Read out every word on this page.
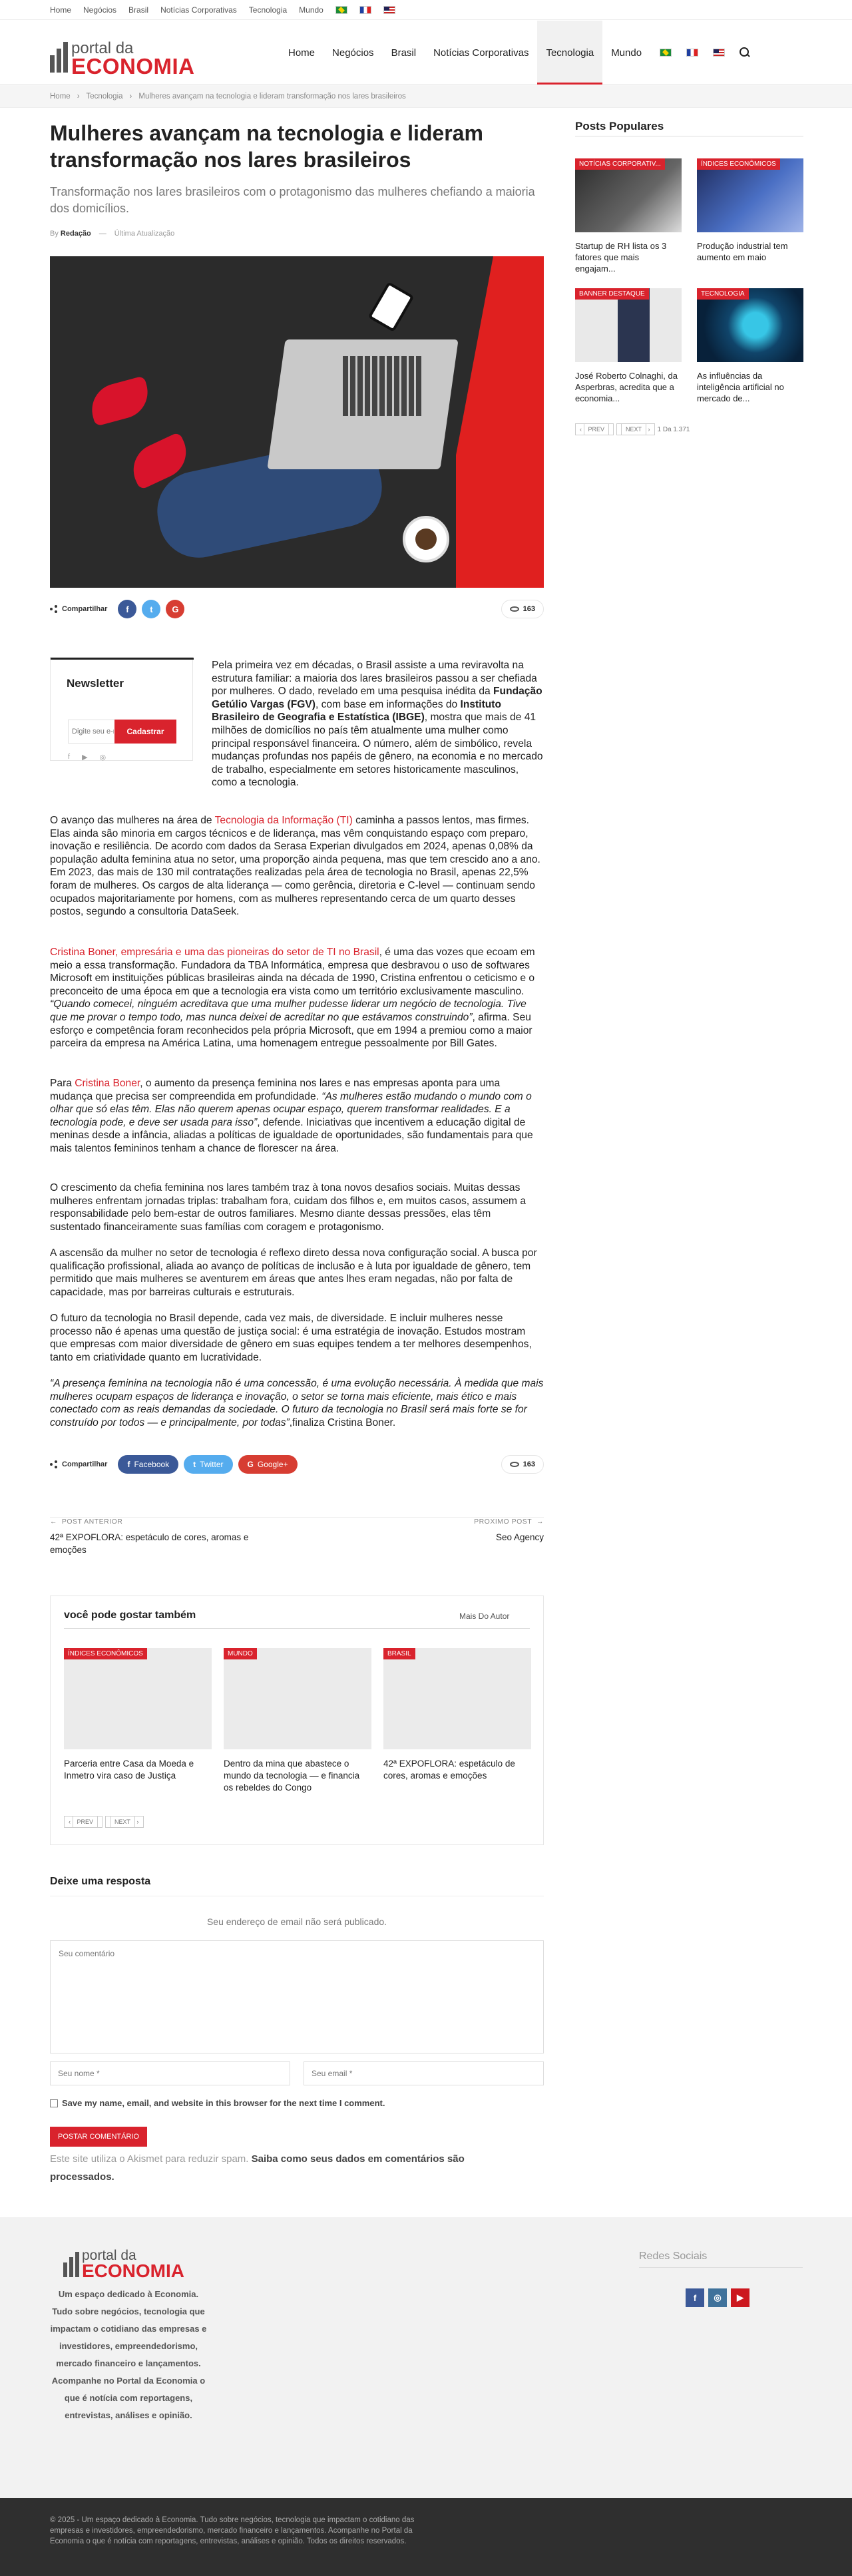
Home Negócios Brasil Notícias Corporativas Tecnologia Mundo
portal da
ECONOMIA
Home	Negócios	Brasil	Notícias Corporativas	Tecnologia	Mundo
Home › Tecnologia › Mulheres avançam na tecnologia e lideram transformação nos lares brasileiros
Mulheres avançam na tecnologia e lideram transformação nos lares brasileiros
Transformação nos lares brasileiros com o protagonismo das mulheres chefiando a maioria dos domicílios.
By Redação — Última Atualização
Compartilhar	f	t	G	163
Newsletter
Digite seu e-mail
Cadastrar
f ▶ ◎
Pela primeira vez em décadas, o Brasil assiste a uma reviravolta na estrutura familiar: a maioria dos lares brasileiros passou a ser chefiada por mulheres. O dado, revelado em uma pesquisa inédita da Fundação Getúlio Vargas (FGV), com base em informações do Instituto Brasileiro de Geografia e Estatística (IBGE), mostra que mais de 41 milhões de domicílios no país têm atualmente uma mulher como principal responsável financeira. O número, além de simbólico, revela mudanças profundas nos papéis de gênero, na economia e no mercado de trabalho, especialmente em setores historicamente masculinos, como a tecnologia.
O avanço das mulheres na área de Tecnologia da Informação (TI) caminha a passos lentos, mas firmes. Elas ainda são minoria em cargos técnicos e de liderança, mas vêm conquistando espaço com preparo, inovação e resiliência. De acordo com dados da Serasa Experian divulgados em 2024, apenas 0,08% da população adulta feminina atua no setor, uma proporção ainda pequena, mas que tem crescido ano a ano. Em 2023, das mais de 130 mil contratações realizadas pela área de tecnologia no Brasil, apenas 22,5% foram de mulheres. Os cargos de alta liderança — como gerência, diretoria e C-level — continuam sendo ocupados majoritariamente por homens, com as mulheres representando cerca de um quarto desses postos, segundo a consultoria DataSeek.
Cristina Boner, empresária e uma das pioneiras do setor de TI no Brasil, é uma das vozes que ecoam em meio a essa transformação. Fundadora da TBA Informática, empresa que desbravou o uso de softwares Microsoft em instituições públicas brasileiras ainda na década de 1990, Cristina enfrentou o ceticismo e o preconceito de uma época em que a tecnologia era vista como um território exclusivamente masculino. “Quando comecei, ninguém acreditava que uma mulher pudesse liderar um negócio de tecnologia. Tive que me provar o tempo todo, mas nunca deixei de acreditar no que estávamos construindo”, afirma. Seu esforço e competência foram reconhecidos pela própria Microsoft, que em 1994 a premiou como a maior parceira da empresa na América Latina, uma homenagem entregue pessoalmente por Bill Gates.
Para Cristina Boner, o aumento da presença feminina nos lares e nas empresas aponta para uma mudança que precisa ser compreendida em profundidade. “As mulheres estão mudando o mundo com o olhar que só elas têm. Elas não querem apenas ocupar espaço, querem transformar realidades. E a tecnologia pode, e deve ser usada para isso”, defende. Iniciativas que incentivem a educação digital de meninas desde a infância, aliadas a políticas de igualdade de oportunidades, são fundamentais para que mais talentos femininos tenham a chance de florescer na área.
O crescimento da chefia feminina nos lares também traz à tona novos desafios sociais. Muitas dessas mulheres enfrentam jornadas triplas: trabalham fora, cuidam dos filhos e, em muitos casos, assumem a responsabilidade pelo bem-estar de outros familiares. Mesmo diante dessas pressões, elas têm sustentado financeiramente suas famílias com coragem e protagonismo.
A ascensão da mulher no setor de tecnologia é reflexo direto dessa nova configuração social. A busca por qualificação profissional, aliada ao avanço de políticas de inclusão e à luta por igualdade de gênero, tem permitido que mais mulheres se aventurem em áreas que antes lhes eram negadas, não por falta de capacidade, mas por barreiras culturais e estruturais.
O futuro da tecnologia no Brasil depende, cada vez mais, de diversidade. E incluir mulheres nesse processo não é apenas uma questão de justiça social: é uma estratégia de inovação. Estudos mostram que empresas com maior diversidade de gênero em suas equipes tendem a ter melhores desempenhos, tanto em criatividade quanto em lucratividade.
“A presença feminina na tecnologia não é uma concessão, é uma evolução necessária. À medida que mais mulheres ocupam espaços de liderança e inovação, o setor se torna mais eficiente, mais ético e mais conectado com as reais demandas da sociedade. O futuro da tecnologia no Brasil será mais forte se for construído por todos — e principalmente, por todas”,finaliza Cristina Boner.
Compartilhar	f Facebook	t Twitter	G Google+	163
← POST ANTERIOR
42ª EXPOFLORA: espetáculo de cores, aromas e emoções
PROXIMO POST →
Seo Agency
você pode gostar também	Mais Do Autor
ÍNDICES ECONÔMICOS
Parceria entre Casa da Moeda e Inmetro vira caso de Justiça
MUNDO
Dentro da mina que abastece o mundo da tecnologia — e financia os rebeldes do Congo
BRASIL
42ª EXPOFLORA: espetáculo de cores, aromas e emoções
‹ PREV	NEXT ›
Deixe uma resposta
Seu endereço de email não será publicado.
Seu comentário
Seu nome *	Seu email *
Save my name, email, and website in this browser for the next time I comment.
POSTAR COMENTÁRIO
Este site utiliza o Akismet para reduzir spam. Saiba como seus dados em comentários são processados.
Posts Populares
NOTÍCIAS CORPORATIV...
Startup de RH lista os 3 fatores que mais engajam...
ÍNDICES ECONÔMICOS
Produção industrial tem aumento em maio
BANNER DESTAQUE
José Roberto Colnaghi, da Asperbras, acredita que a economia...
TECNOLOGIA
As influências da inteligência artificial no mercado de...
‹ PREV	NEXT ›	1 Da 1.371
portal da
ECONOMIA
Um espaço dedicado à Economia. Tudo sobre negócios, tecnologia que impactam o cotidiano das empresas e investidores, empreendedorismo, mercado financeiro e lançamentos. Acompanhe no Portal da Economia o que é notícia com reportagens, entrevistas, análises e opinião.
Redes Sociais
f	◎	▶
© 2025 - Um espaço dedicado à Economia. Tudo sobre negócios, tecnologia que impactam o cotidiano das empresas e investidores, empreendedorismo, mercado financeiro e lançamentos. Acompanhe no Portal da Economia o que é notícia com reportagens, entrevistas, análises e opinião. Todos os direitos reservados.
